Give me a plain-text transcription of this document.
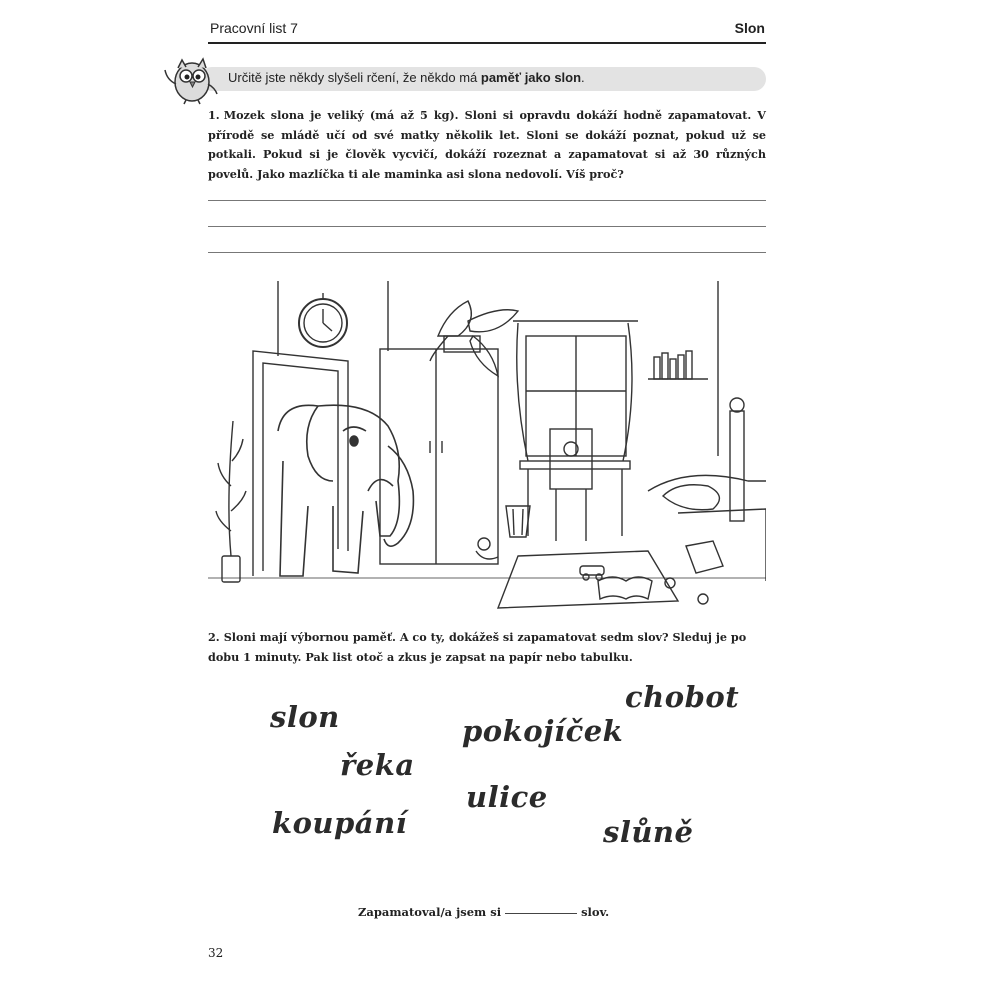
Pracovní list 7	Slon
Určitě jste někdy slyšeli rčení, že někdo má paměť jako slon.
1. Mozek slona je veliký (má až 5 kg). Sloni si opravdu dokáží hodně zapamatovat. V přírodě se mládě učí od své matky několik let. Sloni se dokáží poznat, pokud už se potkali. Pokud si je člověk vycvičí, dokáží rozeznat a zapamatovat si až 30 různých povelů. Jako mazlíčka ti ale maminka asi slona nedovolí. Víš proč?
2. Sloni mají výbornou paměť. A co ty, dokážeš si zapamatovat sedm slov? Sleduj je po dobu 1 minuty. Pak list otoč a zkus je zapsat na papír nebo tabulku.
slon
řeka
koupání
pokojíček
ulice
chobot
slůně
Zapamatoval/a jsem si	slov.
32
